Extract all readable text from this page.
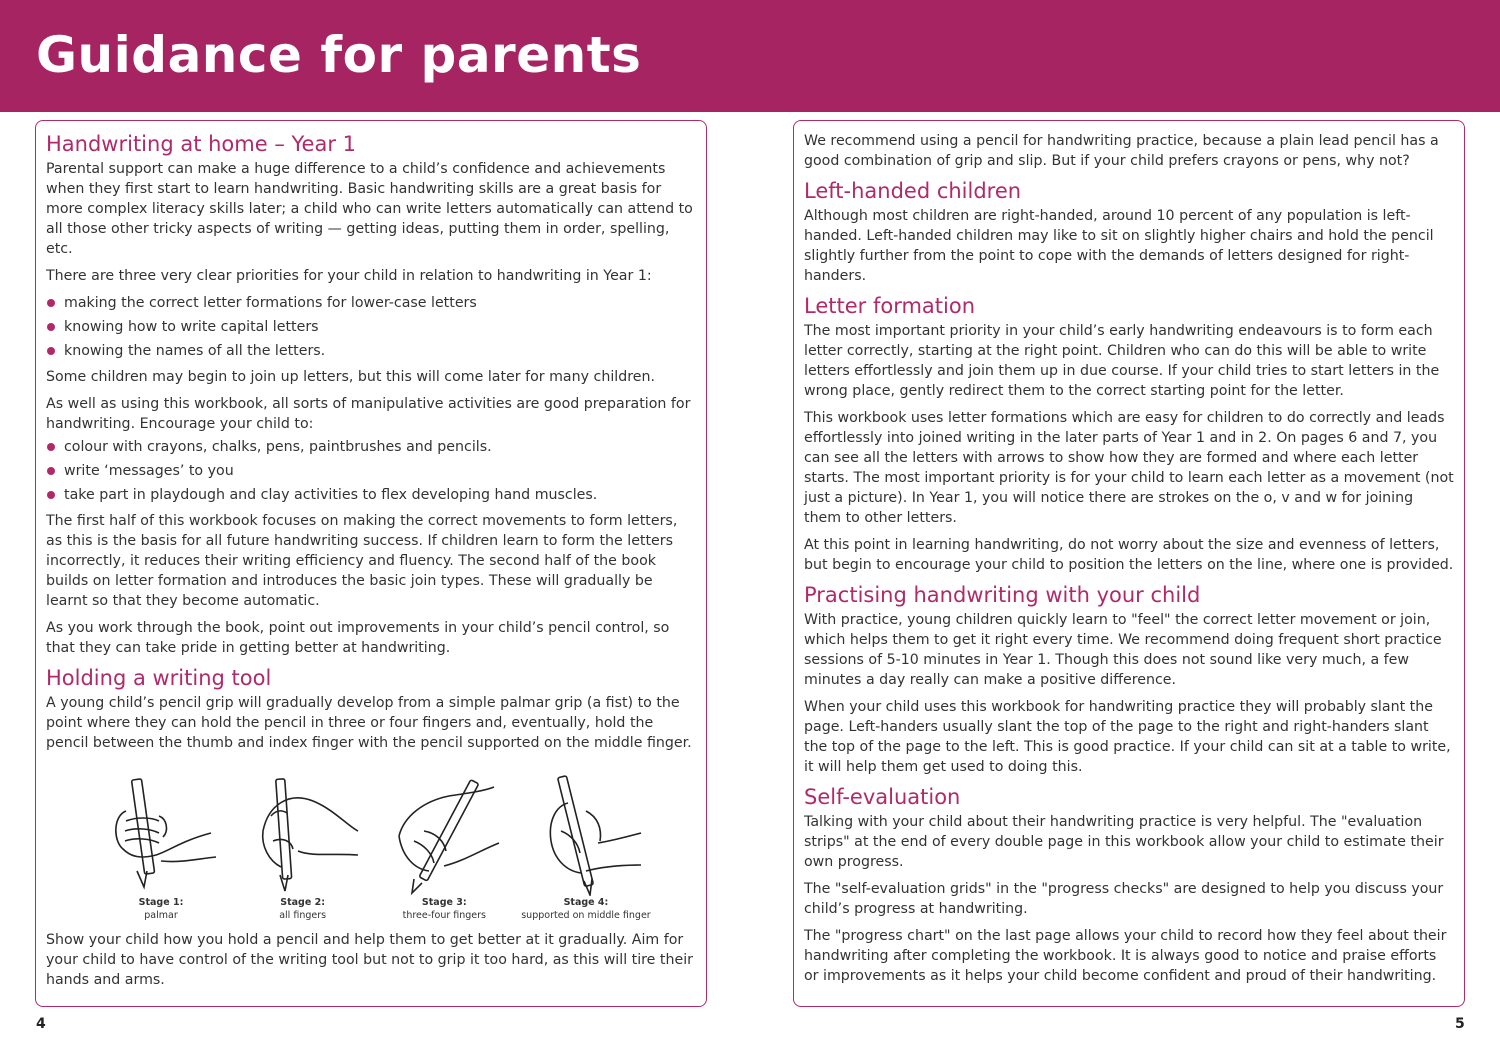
Guidance for parents
Handwriting at home – Year 1

Parental support can make a huge difference to a child’s confidence and achievements when they first start to learn handwriting. Basic handwriting skills are a great basis for more complex literacy skills later; a child who can write letters automatically can attend to all those other tricky aspects of writing — getting ideas, putting them in order, spelling, etc.

There are three very clear priorities for your child in relation to handwriting in Year 1:

making the correct letter formations for lower-case letters
knowing how to write capital letters
knowing the names of all the letters.

Some children may begin to join up letters, but this will come later for many children.

As well as using this workbook, all sorts of manipulative activities are good preparation for handwriting. Encourage your child to:

colour with crayons, chalks, pens, paintbrushes and pencils.
write ‘messages’ to you
take part in playdough and clay activities to flex developing hand muscles.

The first half of this workbook focuses on making the correct movements to form letters, as this is the basis for all future handwriting success. If children learn to form the letters incorrectly, it reduces their writing efficiency and fluency. The second half of the book builds on letter formation and introduces the basic join types. These will gradually be learnt so that they become automatic.

As you work through the book, point out improvements in your child’s pencil control, so that they can take pride in getting better at handwriting.

Holding a writing tool

A young child’s pencil grip will gradually develop from a simple palmar grip (a fist) to the point where they can hold the pencil in three or four fingers and, eventually, hold the pencil between the thumb and index finger with the pencil supported on the middle finger.

Stage 1:
palmar
Stage 2:
all fingers
Stage 3:
three-four fingers
Stage 4:
supported on middle finger

Show your child how you hold a pencil and help them to get better at it gradually. Aim for your child to have control of the writing tool but not to grip it too hard, as this will tire their hands and arms.

We recommend using a pencil for handwriting practice, because a plain lead pencil has a good combination of grip and slip. But if your child prefers crayons or pens, why not?

Left-handed children

Although most children are right-handed, around 10 percent of any population is left-handed. Left-handed children may like to sit on slightly higher chairs and hold the pencil slightly further from the point to cope with the demands of letters designed for right-handers.

Letter formation

The most important priority in your child’s early handwriting endeavours is to form each letter correctly, starting at the right point. Children who can do this will be able to write letters effortlessly and join them up in due course. If your child tries to start letters in the wrong place, gently redirect them to the correct starting point for the letter.

This workbook uses letter formations which are easy for children to do correctly and leads effortlessly into joined writing in the later parts of Year 1 and in 2. On pages 6 and 7, you can see all the letters with arrows to show how they are formed and where each letter starts. The most important priority is for your child to learn each letter as a movement (not just a picture). In Year 1, you will notice there are strokes on the o, v and w for joining them to other letters.

At this point in learning handwriting, do not worry about the size and evenness of letters, but begin to encourage your child to position the letters on the line, where one is provided.

Practising handwriting with your child

With practice, young children quickly learn to "feel" the correct letter movement or join, which helps them to get it right every time. We recommend doing frequent short practice sessions of 5-10 minutes in Year 1. Though this does not sound like very much, a few minutes a day really can make a positive difference.

When your child uses this workbook for handwriting practice they will probably slant the page. Left-handers usually slant the top of the page to the right and right-handers slant the top of the page to the left. This is good practice. If your child can sit at a table to write, it will help them get used to doing this.

Self-evaluation

Talking with your child about their handwriting practice is very helpful. The "evaluation strips" at the end of every double page in this workbook allow your child to estimate their own progress.

The "self-evaluation grids" in the "progress checks" are designed to help you discuss your child’s progress at handwriting.

The "progress chart" on the last page allows your child to record how they feel about their handwriting after completing the workbook. It is always good to notice and praise efforts or improvements as it helps your child become confident and proud of their handwriting.

4	5
